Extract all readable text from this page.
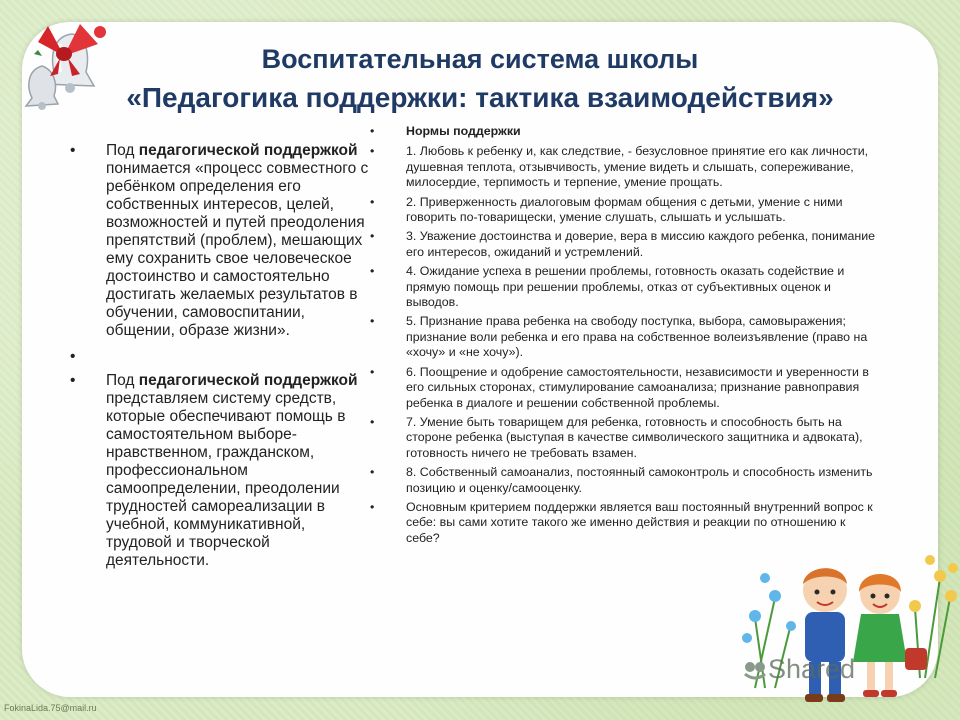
Воспитательная система школы
«Педагогика поддержки: тактика взаимодействия»
• Под педагогической поддержкой понимается «процесс совместного с ребёнком определения его собственных интересов, целей, возможностей и путей преодоления препятствий (проблем), мешающих ему сохранить свое человеческое достоинство и самостоятельно достигать желаемых результатов в обучении, самовоспитании, общении, образе жизни».
•
• Под педагогической поддержкой представляем систему средств, которые обеспечивают помощь в самостоятельном выборе- нравственном, гражданском, профессиональном самоопределении, преодолении трудностей самореализации в учебной, коммуникативной, трудовой и творческой деятельности.
•	Нормы поддержки
•	1. Любовь к ребенку и, как следствие, - безусловное принятие его как личности, душевная теплота, отзывчивость, умение видеть и слышать, сопереживание, милосердие, терпимость и терпение, умение прощать.
•	2. Приверженность диалоговым формам общения с детьми, умение с ними говорить по-товарищески, умение слушать, слышать и услышать.
•	3. Уважение достоинства и доверие, вера в миссию каждого ребенка, понимание его интересов, ожиданий и устремлений.
•	4. Ожидание успеха в решении проблемы, готовность оказать содействие и прямую помощь при решении проблемы, отказ от субъективных оценок и выводов.
•	5. Признание права ребенка на свободу поступка, выбора, самовыражения; признание воли ребенка и его права на собственное волеизъявление (право на «хочу» и «не хочу»).
•	6. Поощрение и одобрение самостоятельности, независимости и уверенности в его сильных сторонах, стимулирование самоанализа; признание равноправия ребенка в диалоге и решении собственной проблемы.
•	7. Умение быть товарищем для ребенка, готовность и способность быть на стороне ребенка (выступая в качестве символического защитника и адвоката), готовность ничего не требовать взамен.
•	8. Собственный самоанализ, постоянный самоконтроль и способность изменить позицию и оценку/самооценку.
•	Основным критерием поддержки является ваш постоянный внутренний вопрос к себе: вы сами хотите такого же именно действия и реакции по отношению к себе?
Shared
FokinaLida.75@mail.ru
